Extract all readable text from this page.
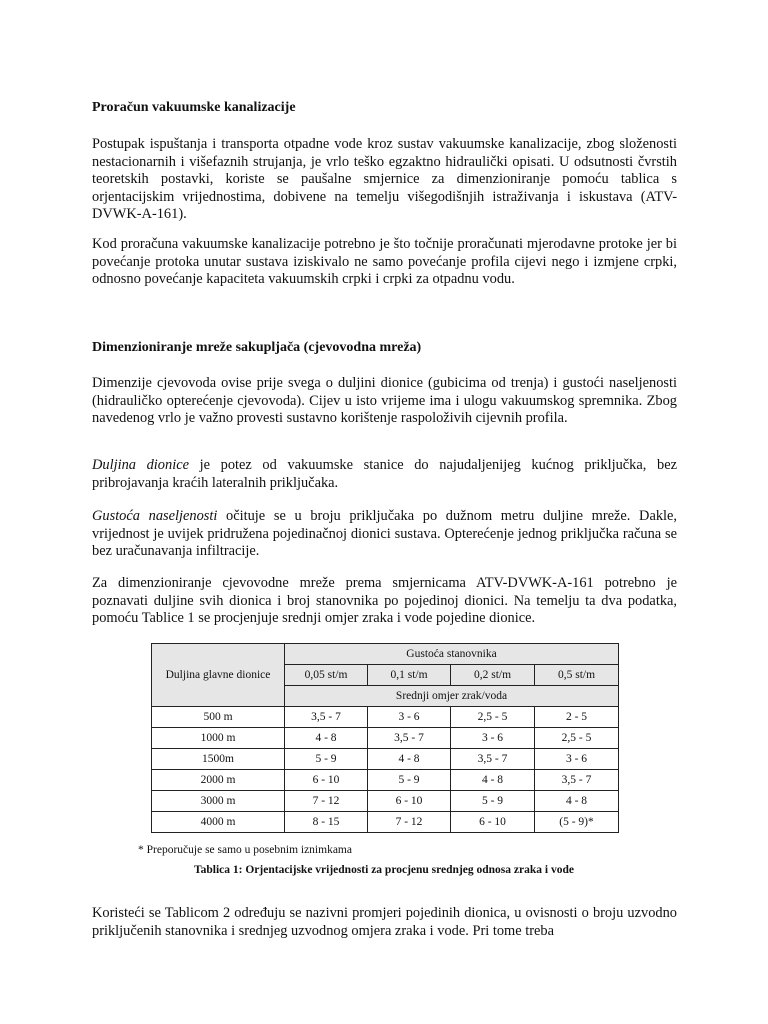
Proračun vakuumske kanalizacije

Postupak ispuštanja i transporta otpadne vode kroz sustav vakuumske kanalizacije, zbog složenosti nestacionarnih i višefaznih strujanja, je vrlo teško egzaktno hidraulički opisati. U odsutnosti čvrstih teoretskih postavki, koriste se paušalne smjernice za dimenzioniranje pomoću tablica s orjentacijskim vrijednostima, dobivene na temelju višegodišnjih istraživanja i iskustava (ATV-DVWK-A-161).

Kod proračuna vakuumske kanalizacije potrebno je što točnije proračunati mjerodavne protoke jer bi povećanje protoka unutar sustava iziskivalo ne samo povećanje profila cijevi nego i izmjene crpki, odnosno povećanje kapaciteta vakuumskih crpki i crpki za otpadnu vodu.

Dimenzioniranje mreže sakupljača (cjevovodna mreža)

Dimenzije cjevovoda ovise prije svega o duljini dionice (gubicima od trenja) i gustoći naseljenosti (hidrauličko opterećenje cjevovoda). Cijev u isto vrijeme ima i ulogu vakuumskog spremnika. Zbog navedenog vrlo je važno provesti sustavno korištenje raspoloživih cijevnih profila.

Duljina dionice je potez od vakuumske stanice do najudaljenijeg kućnog priključka, bez pribrojavanja kraćih lateralnih priključaka.

Gustoća naseljenosti očituje se u broju priključaka po dužnom metru duljine mreže. Dakle, vrijednost je uvijek pridružena pojedinačnoj dionici sustava. Opterećenje jednog priključka računa se bez uračunavanja infiltracije.

Za dimenzioniranje cjevovodne mreže prema smjernicama ATV-DVWK-A-161 potrebno je poznavati duljine svih dionica i broj stanovnika po pojedinoj dionici. Na temelju ta dva podatka, pomoću Tablice 1 se procjenjuje srednji omjer zraka i vode pojedine dionice.

Duljina glavne dionice	Gustoća stanovnika			
	0,05 st/m	0,1 st/m	0,2 st/m	0,5 st/m
	Srednji omjer zrak/voda			
500 m	3,5 - 7	3 - 6	2,5 - 5	2 - 5
1000 m	4 - 8	3,5 - 7	3 - 6	2,5 - 5
1500m	5 - 9	4 - 8	3,5 - 7	3 - 6
2000 m	6 - 10	5 - 9	4 - 8	3,5 - 7
3000 m	7 - 12	6 - 10	5 - 9	4 - 8
4000 m	8 - 15	7 - 12	6 - 10	(5 - 9)*

* Preporučuje se samo u posebnim iznimkama

Tablica 1: Orjentacijske vrijednosti za procjenu srednjeg odnosa zraka i vode

Koristeći se Tablicom 2 određuju se nazivni promjeri pojedinih dionica, u ovisnosti o broju uzvodno priključenih stanovnika i srednjeg uzvodnog omjera zraka i vode. Pri tome treba
